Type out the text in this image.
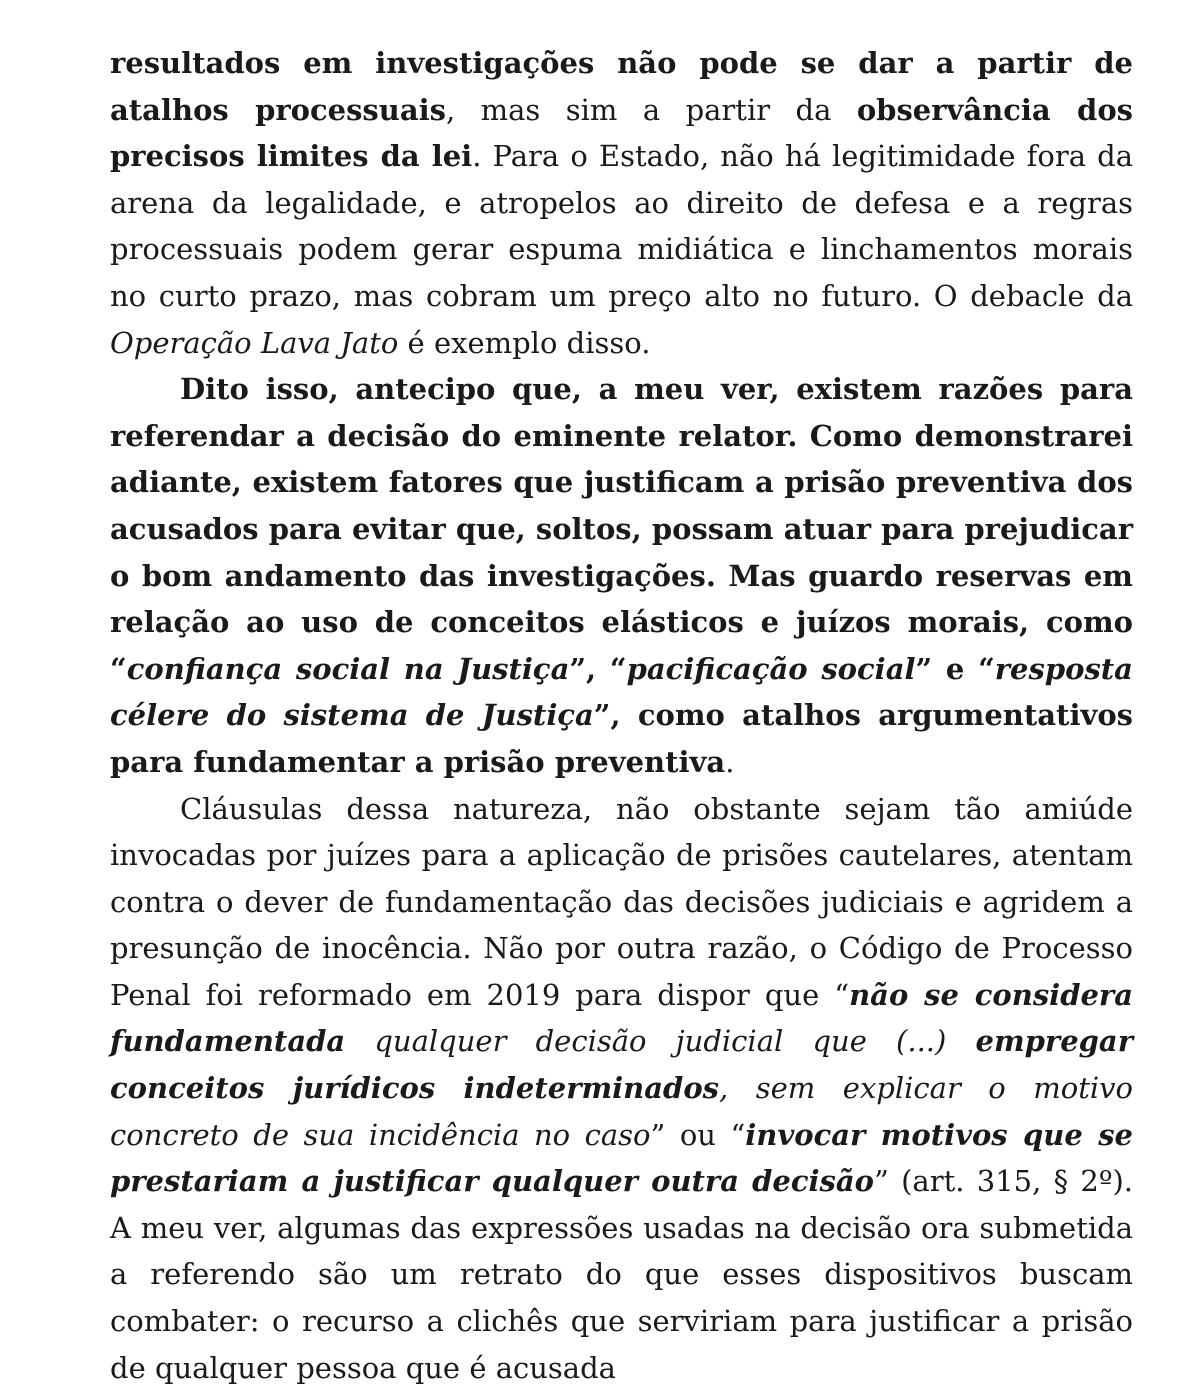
resultados em investigações não pode se dar a partir de atalhos processuais, mas sim a partir da observância dos precisos limites da lei. Para o Estado, não há legitimidade fora da arena da legalidade, e atropelos ao direito de defesa e a regras processuais podem gerar espuma midiática e linchamentos morais no curto prazo, mas cobram um preço alto no futuro. O debacle da Operação Lava Jato é exemplo disso.

Dito isso, antecipo que, a meu ver, existem razões para referendar a decisão do eminente relator. Como demonstrarei adiante, existem fatores que justificam a prisão preventiva dos acusados para evitar que, soltos, possam atuar para prejudicar o bom andamento das investigações. Mas guardo reservas em relação ao uso de conceitos elásticos e juízos morais, como “confiança social na Justiça”, “pacificação social” e “resposta célere do sistema de Justiça”, como atalhos argumentativos para fundamentar a prisão preventiva.

Cláusulas dessa natureza, não obstante sejam tão amiúde invocadas por juízes para a aplicação de prisões cautelares, atentam contra o dever de fundamentação das decisões judiciais e agridem a presunção de inocência. Não por outra razão, o Código de Processo Penal foi reformado em 2019 para dispor que “não se considera fundamentada qualquer decisão judicial que (...) empregar conceitos jurídicos indeterminados, sem explicar o motivo concreto de sua incidência no caso” ou “invocar motivos que se prestariam a justificar qualquer outra decisão” (art. 315, § 2º). A meu ver, algumas das expressões usadas na decisão ora submetida a referendo são um retrato do que esses dispositivos buscam combater: o recurso a clichês que serviriam para justificar a prisão de qualquer pessoa que é acusada
